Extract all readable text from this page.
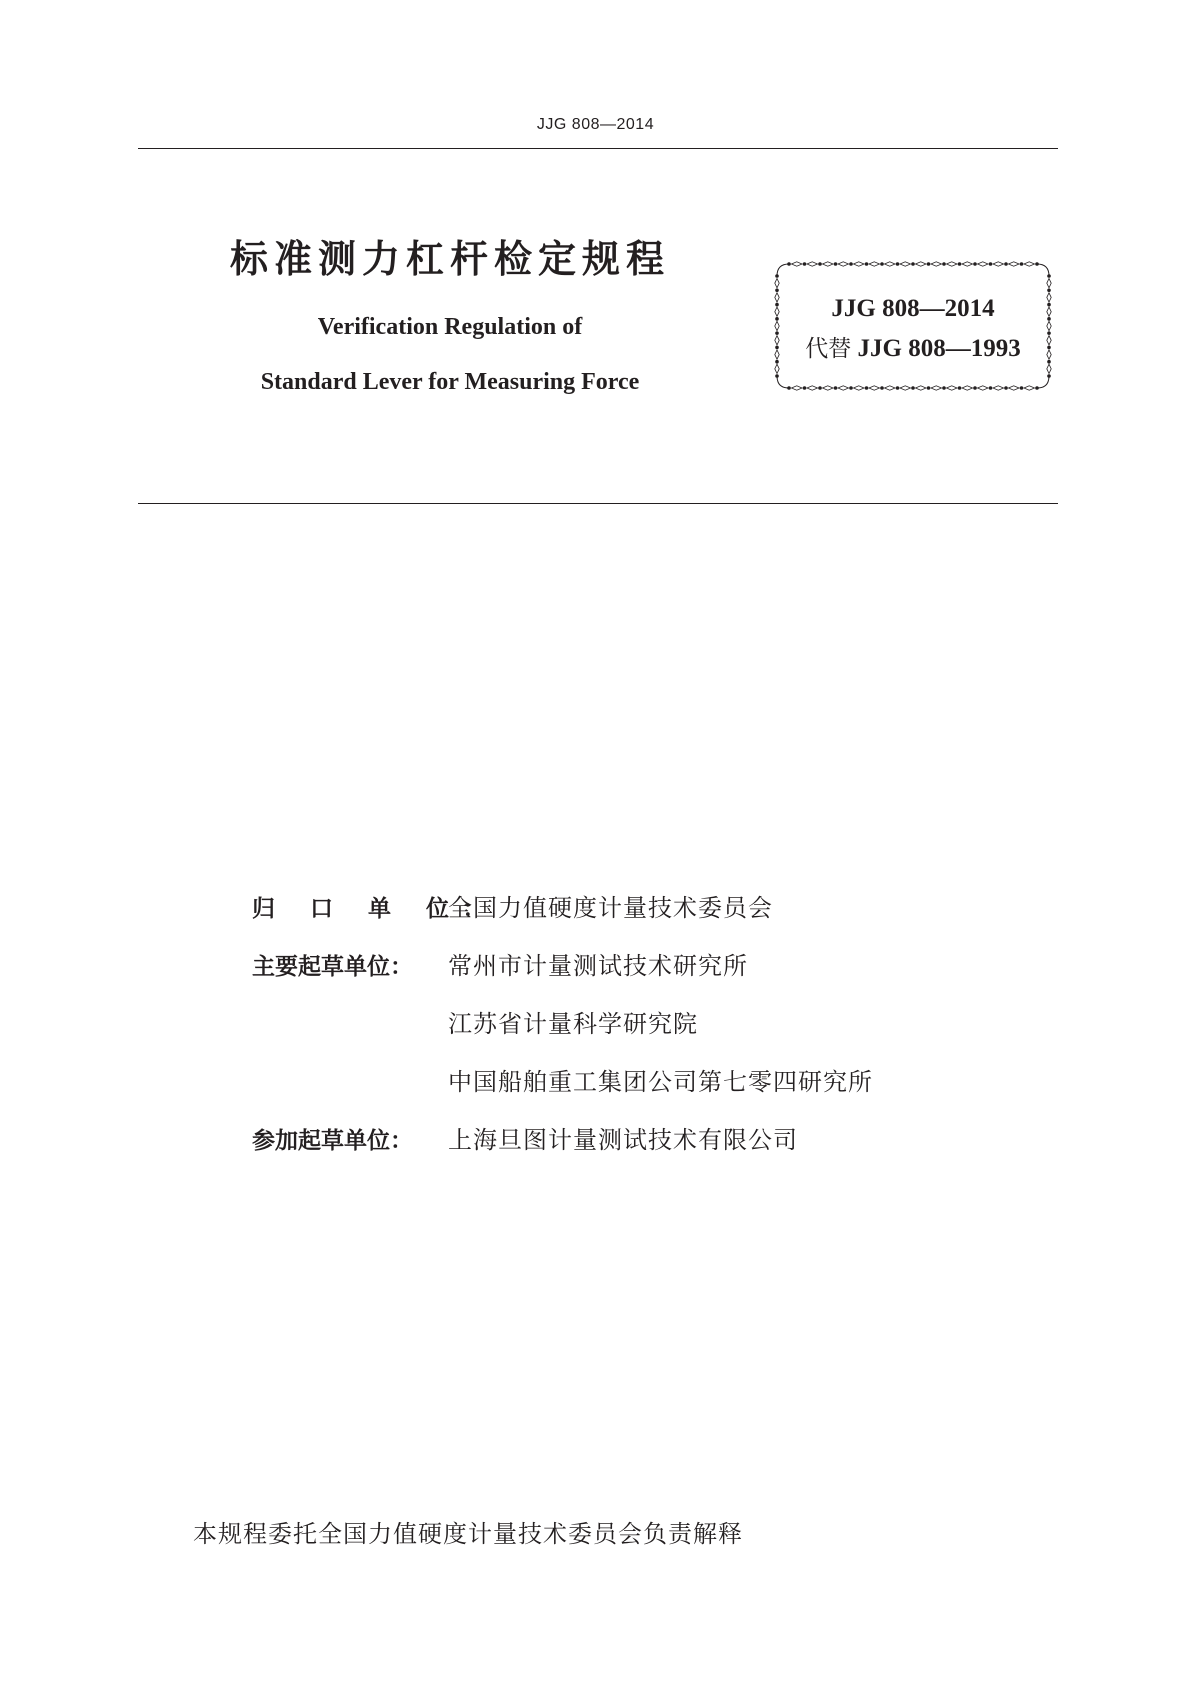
JJG 808—2014

标准测力杠杆检定规程

Verification Regulation of

Standard Lever for Measuring Force

JJG 808—2014
代替 JJG 808—1993
归 口 单 位：
全国力值硬度计量技术委员会
主要起草单位：	常州市计量测试技术研究所
江苏省计量科学研究院
中国船舶重工集团公司第七零四研究所
参加起草单位：	上海旦图计量测试技术有限公司
本规程委托全国力值硬度计量技术委员会负责解释
